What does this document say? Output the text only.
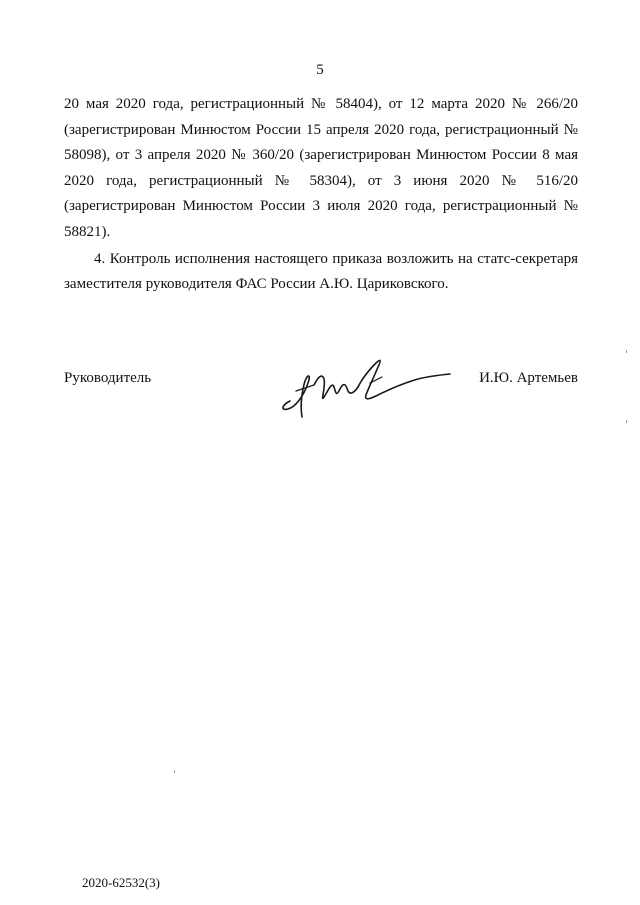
5

20 мая 2020 года, регистрационный № 58404), от 12 марта 2020 № 266/20 (зарегистрирован Минюстом России 15 апреля 2020 года, регистрационный № 58098), от 3 апреля 2020 № 360/20 (зарегистрирован Минюстом России 8 мая 2020 года, регистрационный № 58304), от 3 июня 2020 № 516/20 (зарегистрирован Минюстом России 3 июля 2020 года, регистрационный № 58821).

4. Контроль исполнения настоящего приказа возложить на статс-секретаря заместителя руководителя ФАС России А.Ю. Цариковского.

Руководитель	И.Ю. Артемьев
2020-62532(3)
